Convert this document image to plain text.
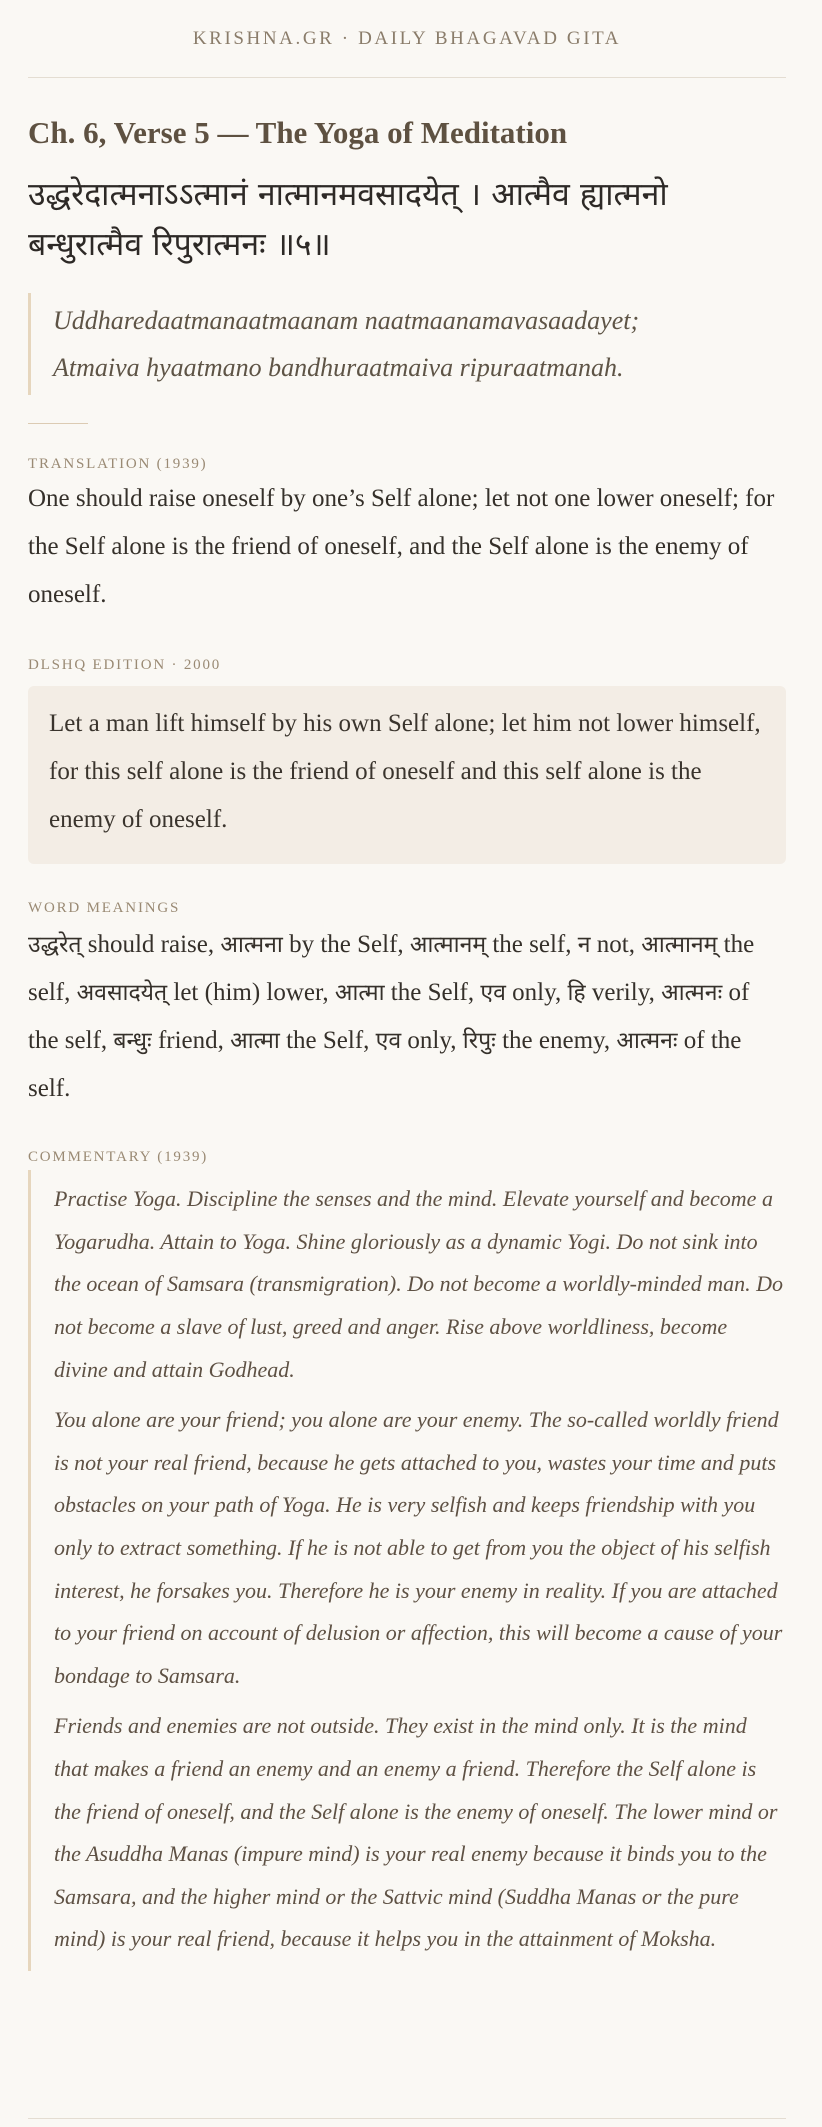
KRISHNA.GR · DAILY BHAGAVAD GITA
Ch. 6, Verse 5 — The Yoga of Meditation

उद्धरेदात्मनाऽऽत्मानं नात्मानमवसादयेत् । आत्मैव ह्यात्मनो बन्धुरात्मैव रिपुरात्मनः ॥५॥

Uddharedaatmanaatmaanam naatmaanamavasaadayet;
Atmaiva hyaatmano bandhuraatmaiva ripuraatmanah.
TRANSLATION (1939)

One should raise oneself by one’s Self alone; let not one lower oneself; for the Self alone is the friend of oneself, and the Self alone is the enemy of oneself.

DLSHQ EDITION · 2000

Let a man lift himself by his own Self alone; let him not lower himself, for this self alone is the friend of oneself and this self alone is the enemy of oneself.

WORD MEANINGS

उद्धरेत् should raise, आत्मना by the Self, आत्मानम् the self, न not, आत्मानम् the self, अवसादयेत् let (him) lower, आत्मा the Self, एव only, हि verily, आत्मनः of the self, बन्धुः friend, आत्मा the Self, एव only, रिपुः the enemy, आत्मनः of the self.

COMMENTARY (1939)

Practise Yoga. Discipline the senses and the mind. Elevate yourself and become a Yogarudha. Attain to Yoga. Shine gloriously as a dynamic Yogi. Do not sink into the ocean of Samsara (transmigration). Do not become a worldly-minded man. Do not become a slave of lust, greed and anger. Rise above worldliness, become divine and attain Godhead.

You alone are your friend; you alone are your enemy. The so-called worldly friend is not your real friend, because he gets attached to you, wastes your time and puts obstacles on your path of Yoga. He is very selfish and keeps friendship with you only to extract something. If he is not able to get from you the object of his selfish interest, he forsakes you. Therefore he is your enemy in reality. If you are attached to your friend on account of delusion or affection, this will become a cause of your bondage to Samsara.

Friends and enemies are not outside. They exist in the mind only. It is the mind that makes a friend an enemy and an enemy a friend. Therefore the Self alone is the friend of oneself, and the Self alone is the enemy of oneself. The lower mind or the Asuddha Manas (impure mind) is your real enemy because it binds you to the Samsara, and the higher mind or the Sattvic mind (Suddha Manas or the pure mind) is your real friend, because it helps you in the attainment of Moksha.
